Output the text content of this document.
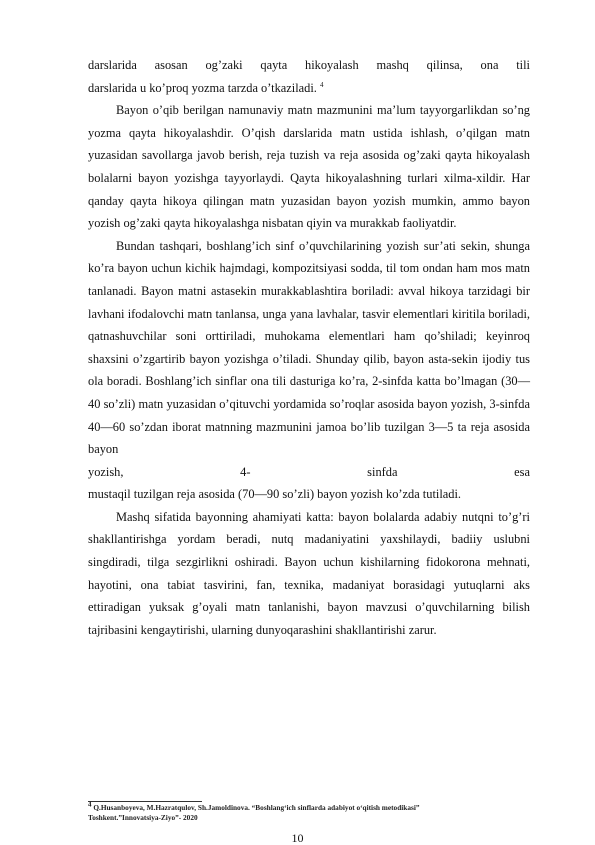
darslarida asosan og’zaki qayta hikoyalash mashq qilinsa, ona tili

darslarida u ko’proq yozma tarzda o’tkaziladi. $^4$

Bayon o’qib berilgan namunaviy matn mazmunini ma’lum tayyorgarlikdan so’ng yozma qayta hikoyalashdir. O’qish darslarida matn ustida ishlash, o’qilgan matn yuzasidan savollarga javob berish, reja tuzish va reja asosida og’zaki qayta hikoyalash bolalarni bayon yozishga tayyorlaydi. Qayta hikoyalashning turlari xilma-xildir. Har qanday qayta hikoya qilingan matn yuzasidan bayon yozish mumkin, ammo bayon yozish og’zaki qayta hikoyalashga nisbatan qiyin va murakkab faoliyatdir.

Bundan tashqari, boshlang’ich sinf o’quvchilarining yozish sur’ati sekin, shunga ko’ra bayon uchun kichik hajmdagi, kompozitsiyasi sodda, til tom ondan ham mos matn tanlanadi. Bayon matni astasekin murakkablashtira boriladi: avval hikoya tarzidagi bir lavhani ifodalovchi matn tanlansa, unga yana lavhalar, tasvir elementlari kiritila boriladi, qatnashuvchilar soni orttiriladi, muhokama elementlari ham qo’shiladi; keyinroq shaxsini o’zgartirib bayon yozishga o’tiladi. Shunday qilib, bayon asta-sekin ijodiy tus ola boradi. Boshlang’ich sinflar ona tili dasturiga ko’ra, 2-sinfda katta bo’lmagan (30—40 so’zli) matn yuzasidan o’qituvchi yordamida so’roqlar asosida bayon yozish, 3-sinfda 40—60 so’zdan iborat matnning mazmunini jamoa bo’lib tuzilgan 3—5 ta reja asosida bayon

yozish, 4- sinfda esa

mustaqil tuzilgan reja asosida (70—90 so’zli) bayon yozish ko’zda tutiladi.

Mashq sifatida bayonning ahamiyati katta: bayon bolalarda adabiy nutqni to’g’ri shakllantirishga yordam beradi, nutq madaniyatini yaxshilaydi, badiiy uslubni singdiradi, tilga sezgirlikni oshiradi. Bayon uchun kishilarning fidokorona mehnati, hayotini, ona tabiat tasvirini, fan, texnika, madaniyat borasidagi yutuqlarni aks ettiradigan yuksak g’oyali matn tanlanishi, bayon mavzusi o’quvchilarning bilish tajribasini kengaytirishi, ularning dunyoqarashini shakllantirishi zarur.

$^4$ Q.Husanboyeva, M.Hazratqulov, Sh.Jamoldinova. “Boshlang‘ich sinflarda adabiyot o‘qitish metodikasi”
Toshkent.”Innovatsiya-Ziyo”- 2020
10
